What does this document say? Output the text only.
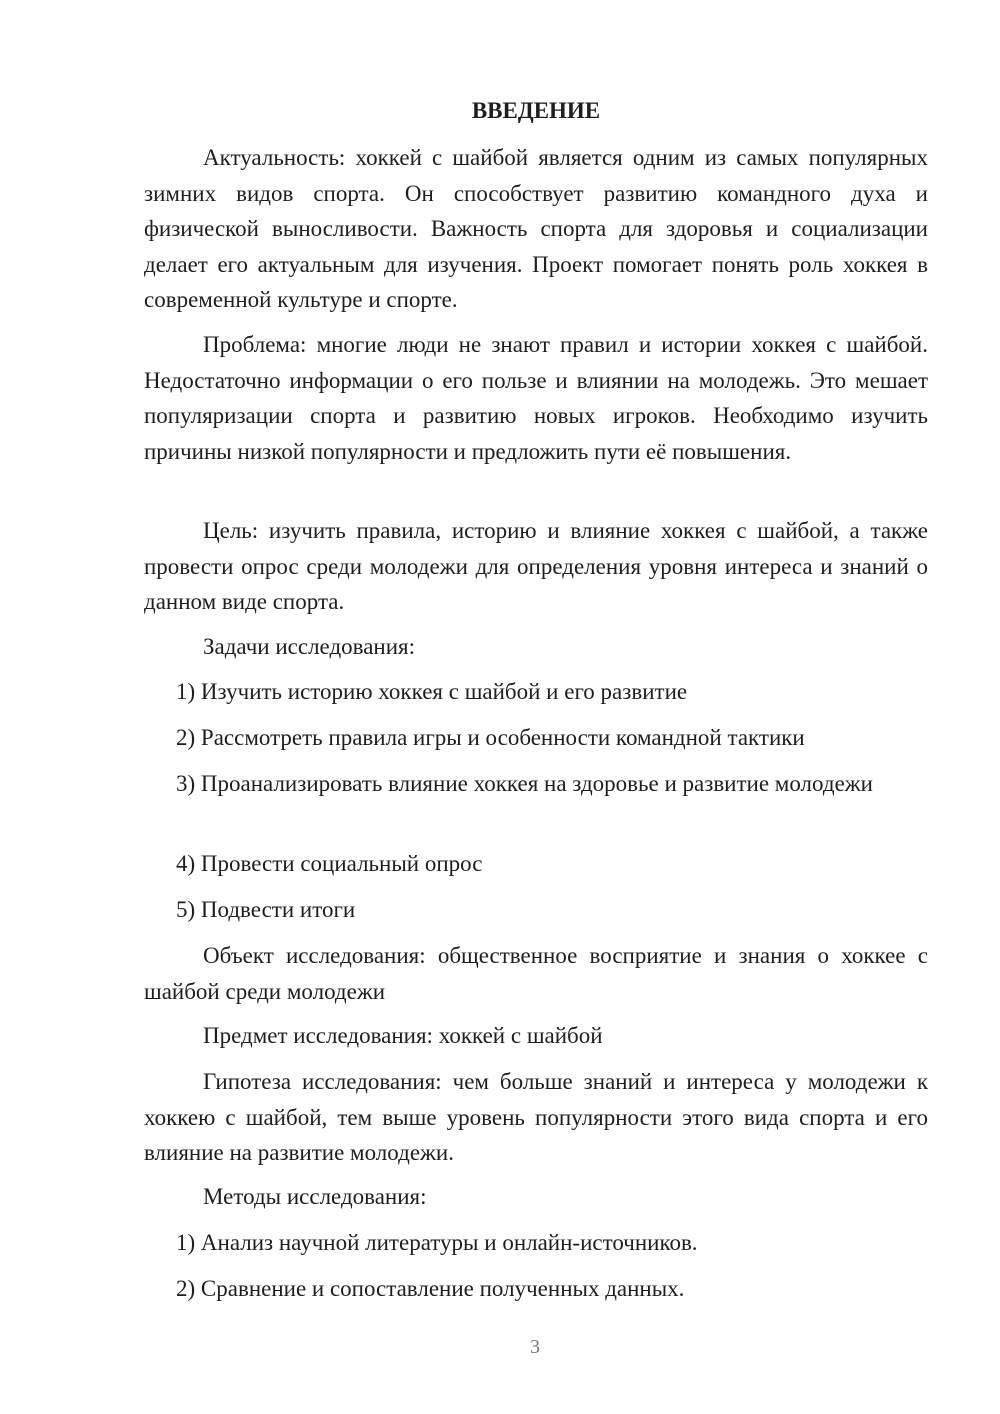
ВВЕДЕНИЕ

Актуальность: хоккей с шайбой является одним из самых популярных зимних видов спорта. Он способствует развитию командного духа и физической выносливости. Важность спорта для здоровья и социализации делает его актуальным для изучения. Проект помогает понять роль хоккея в современной культуре и спорте.

Проблема: многие люди не знают правил и истории хоккея с шайбой. Недостаточно информации о его пользе и влиянии на молодежь. Это мешает популяризации спорта и развитию новых игроков. Необходимо изучить причины низкой популярности и предложить пути её повышения.

Цель: изучить правила, историю и влияние хоккея с шайбой, а также провести опрос среди молодежи для определения уровня интереса и знаний о данном виде спорта.

Задачи исследования:

1) Изучить историю хоккея с шайбой и его развитие

2) Рассмотреть правила игры и особенности командной тактики

3) Проанализировать влияние хоккея на здоровье и развитие молодежи

4) Провести социальный опрос

5) Подвести итоги

Объект исследования: общественное восприятие и знания о хоккее с шайбой среди молодежи

Предмет исследования: хоккей с шайбой

Гипотеза исследования: чем больше знаний и интереса у молодежи к хоккею с шайбой, тем выше уровень популярности этого вида спорта и его влияние на развитие молодежи.

Методы исследования:

1) Анализ научной литературы и онлайн-источников.

2) Сравнение и сопоставление полученных данных.

3
